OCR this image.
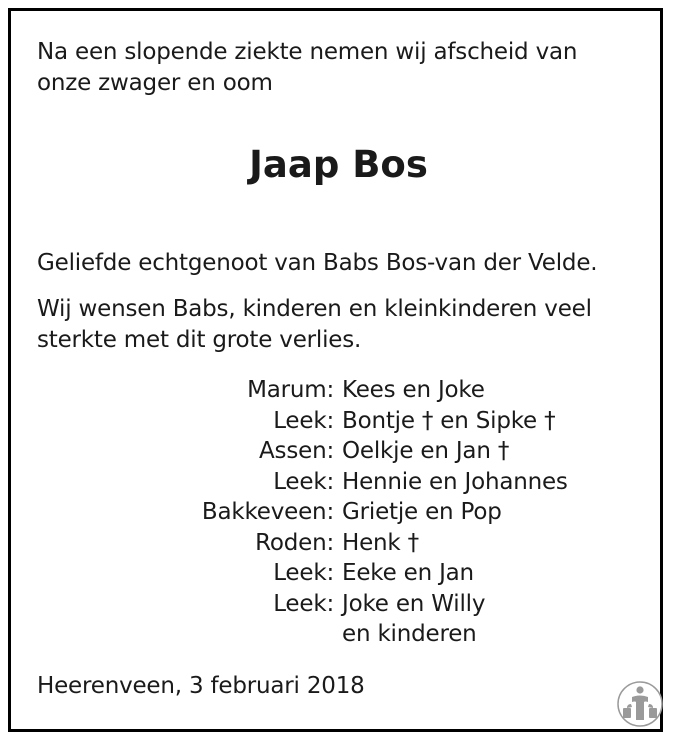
Na een slopende ziekte nemen wij afscheid van
onze zwager en oom
Jaap Bos
Geliefde echtgenoot van Babs Bos-van der Velde.
Wij wensen Babs, kinderen en kleinkinderen veel
sterkte met dit grote verlies.
Marum: Kees en Joke
Leek: Bontje † en Sipke †
Assen: Oelkje en Jan †
Leek: Hennie en Johannes
Bakkeveen: Grietje en Pop
Roden: Henk †
Leek: Eeke en Jan
Leek: Joke en Willy
en kinderen
Heerenveen, 3 februari 2018
